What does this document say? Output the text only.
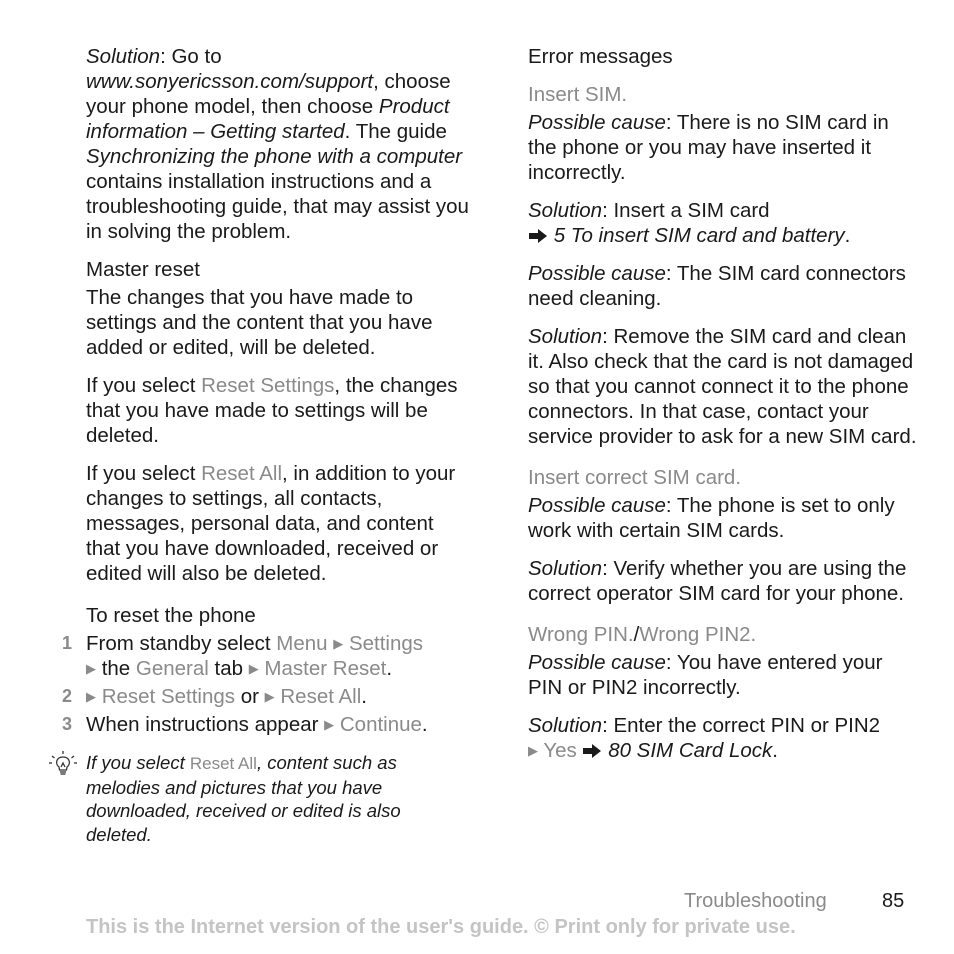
Solution: Go to
www.sonyericsson.com/support, choose your phone model, then choose Product information – Getting started. The guide Synchronizing the phone with a computer contains installation instructions and a troubleshooting guide, that may assist you in solving the problem.

Master reset

The changes that you have made to settings and the content that you have added or edited, will be deleted.

If you select Reset Settings, the changes that you have made to settings will be deleted.

If you select Reset All, in addition to your changes to settings, all contacts, messages, personal data, and content that you have downloaded, received or edited will also be deleted.

To reset the phone
1 From standby select Menu ▶ Settings
▶ the General tab ▶ Master Reset.
2 ▶ Reset Settings or ▶ Reset All.
3 When instructions appear ▶ Continue.
If you select Reset All, content such as melodies and pictures that you have downloaded, received or edited is also deleted.
Error messages
Insert SIM.

Possible cause: There is no SIM card in the phone or you may have inserted it incorrectly.

Solution: Insert a SIM card
5 To insert SIM card and battery.

Possible cause: The SIM card connectors need cleaning.

Solution: Remove the SIM card and clean it. Also check that the card is not damaged so that you cannot connect it to the phone connectors. In that case, contact your service provider to ask for a new SIM card.

Insert correct SIM card.

Possible cause: The phone is set to only work with certain SIM cards.

Solution: Verify whether you are using the correct operator SIM card for your phone.

Wrong PIN./Wrong PIN2.

Possible cause: You have entered your PIN or PIN2 incorrectly.

Solution: Enter the correct PIN or PIN2
▶ Yes 80 SIM Card Lock.

Troubleshooting	85
This is the Internet version of the user's guide. © Print only for private use.
